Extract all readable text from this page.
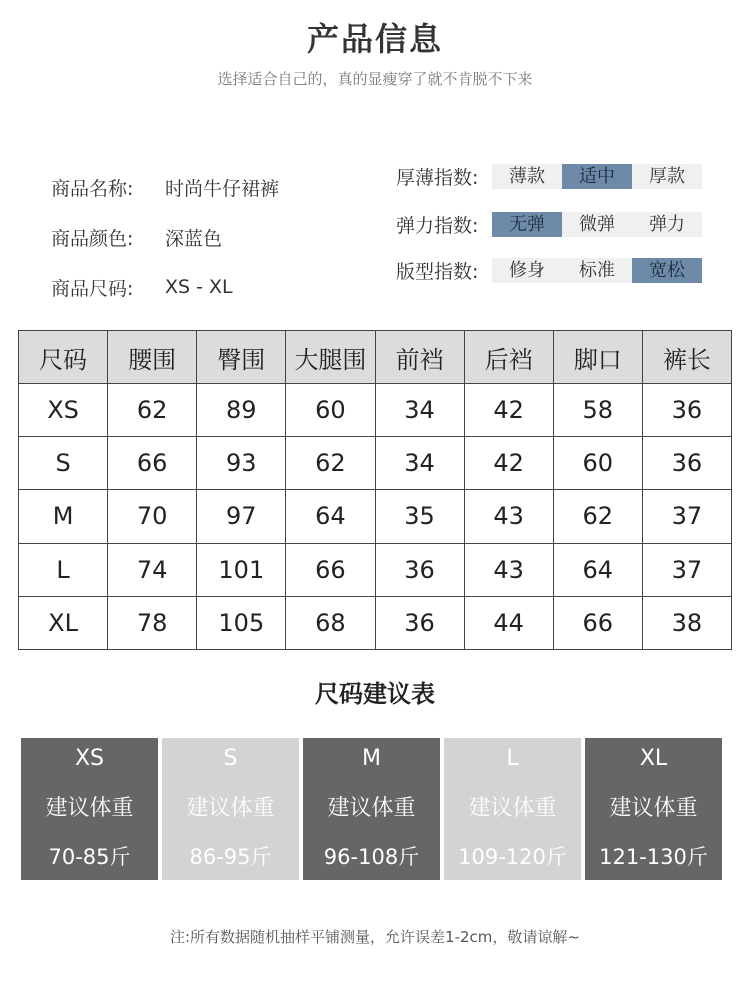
产品信息
选择适合自己的，真的显瘦穿了就不肯脱不下来
商品名称:	时尚牛仔裙裤
商品颜色:	深蓝色
商品尺码:	XS - XL
厚薄指数:	薄款	适中	厚款
弹力指数:	无弹	微弹	弹力
版型指数:	修身	标准	宽松
尺码	腰围	臀围	大腿围	前裆	后裆	脚口	裤长
XS	62	89	60	34	42	58	36
S	66	93	62	34	42	60	36
M	70	97	64	35	43	62	37
L	74	101	66	36	43	64	37
XL	78	105	68	36	44	66	38
尺码建议表
XS
建议体重
70-85斤
S
建议体重
86-95斤
M
建议体重
96-108斤
L
建议体重
109-120斤
XL
建议体重
121-130斤
注:所有数据随机抽样平铺测量，允许误差1-2cm，敬请谅解~
